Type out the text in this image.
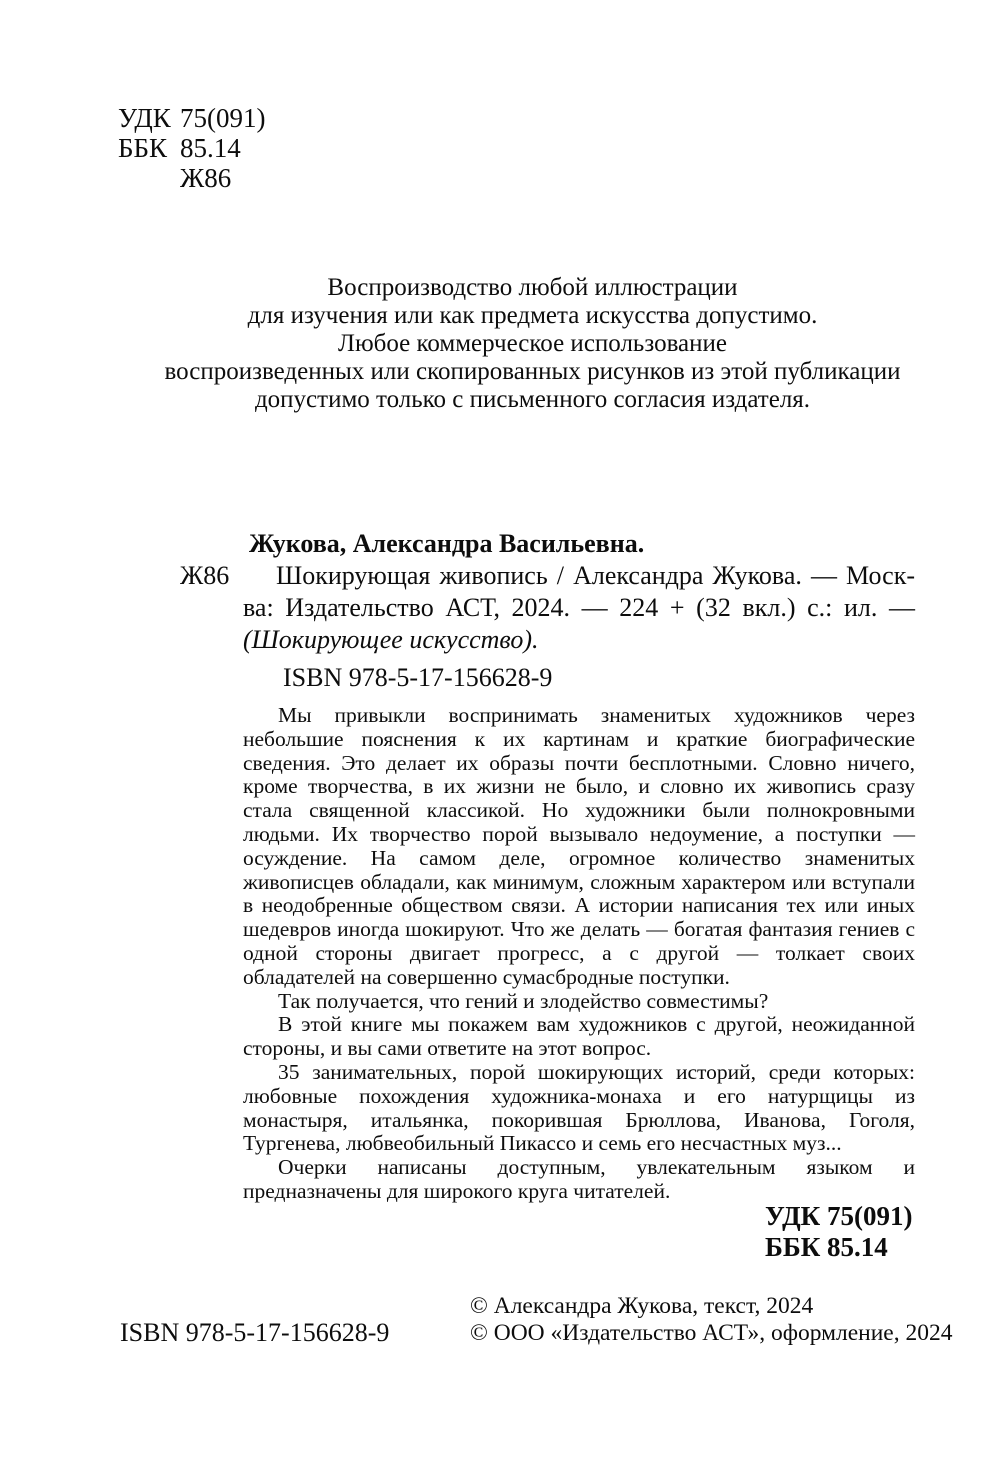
УДК 75(091)
ББК 85.14
Ж86
Воспроизводство любой иллюстрации
для изучения или как предмета искусства допустимо.
Любое коммерческое использование
воспроизведенных или скопированных рисунков из этой публикации
допустимо только с письменного согласия издателя.
Ж86
Жукова, Александра Васильевна.
Шокирующая живопись / Александра Жукова. — Моск-
ва: Издательство АСТ, 2024. — 224 + (32 вкл.) с.: ил. —
(Шокирующее искусство).
ISBN 978-5-17-156628-9

Мы привыкли воспринимать знаменитых художников через небольшие пояснения к их картинам и краткие биографические сведения. Это делает их образы почти бесплотными. Словно ничего, кроме творчества, в их жизни не было, и словно их живопись сразу стала священной классикой. Но художники были полнокровными людьми. Их творчество порой вызывало недоумение, а поступки — осуждение. На самом деле, огромное количество знаменитых живописцев обладали, как минимум, сложным характером или вступали в неодобренные обществом связи. А истории написания тех или иных шедевров иногда шокируют. Что же делать — богатая фантазия гениев с одной стороны двигает прогресс, а с другой — толкает своих обладателей на совершенно сумасбродные поступки.

Так получается, что гений и злодейство совместимы?

В этой книге мы покажем вам художников с другой, неожиданной стороны, и вы сами ответите на этот вопрос.

35 занимательных, порой шокирующих историй, среди которых: любовные похождения художника-монаха и его натурщицы из монастыря, итальянка, покорившая Брюллова, Иванова, Гоголя, Тургенева, любвеобильный Пикассо и семь его несчастных муз...

Очерки написаны доступным, увлекательным языком и предназначены для широкого круга читателей.

УДК 75(091)
ББК 85.14
ISBN 978-5-17-156628-9
© Александра Жукова, текст, 2024
© ООО «Издательство АСТ», оформление, 2024
